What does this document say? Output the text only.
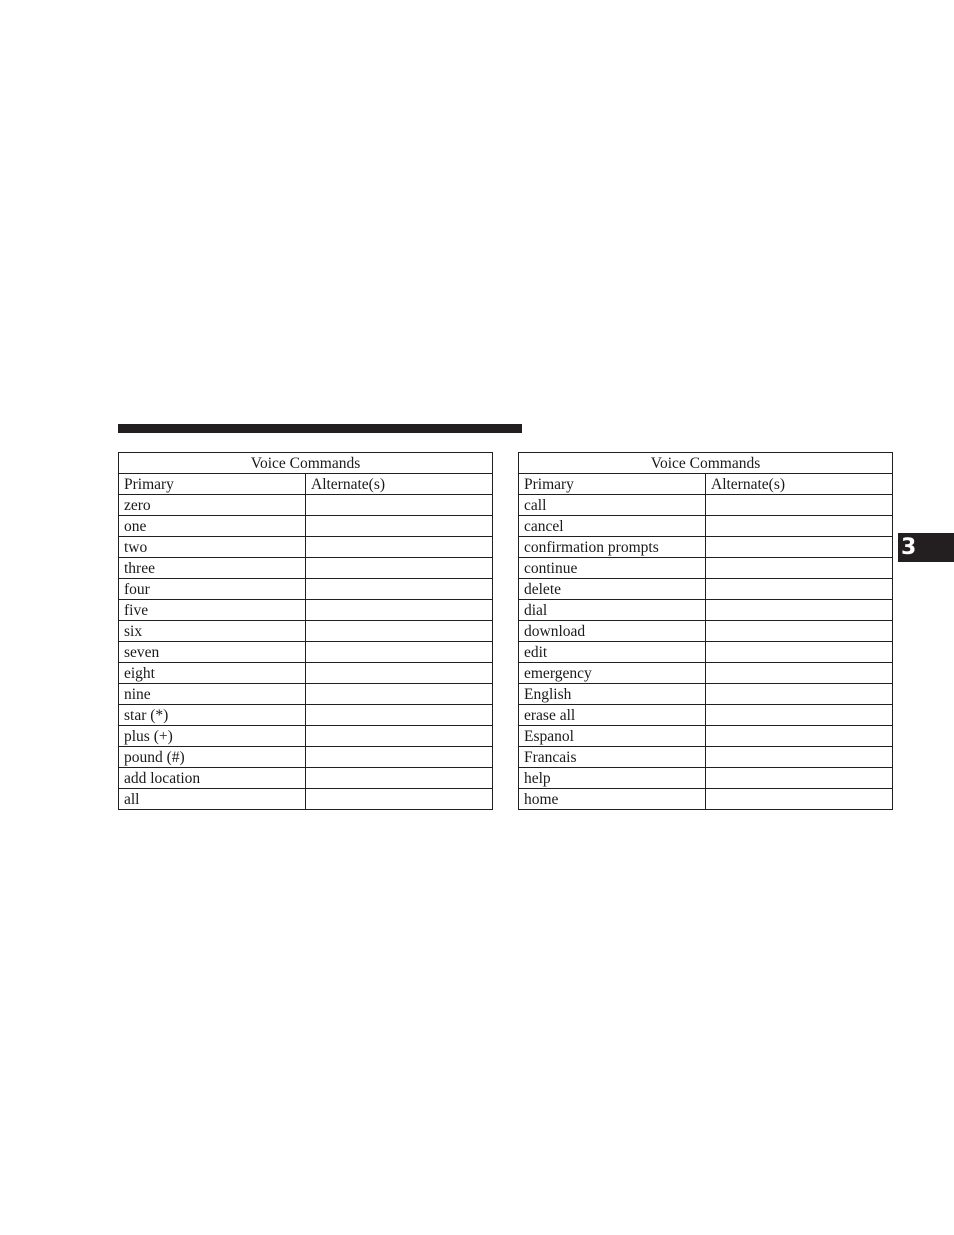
Voice Commands	
Primary	Alternate(s)
zero	
one	
two	
three	
four	
five	
six	
seven	
eight	
nine	
star (*)	
plus (+)	
pound (#)	
add location	
all	
Voice Commands	
Primary	Alternate(s)
call	
cancel	
confirmation prompts	
continue	
delete	
dial	
download	
edit	
emergency	
English	
erase all	
Espanol	
Francais	
help	
home	
3
